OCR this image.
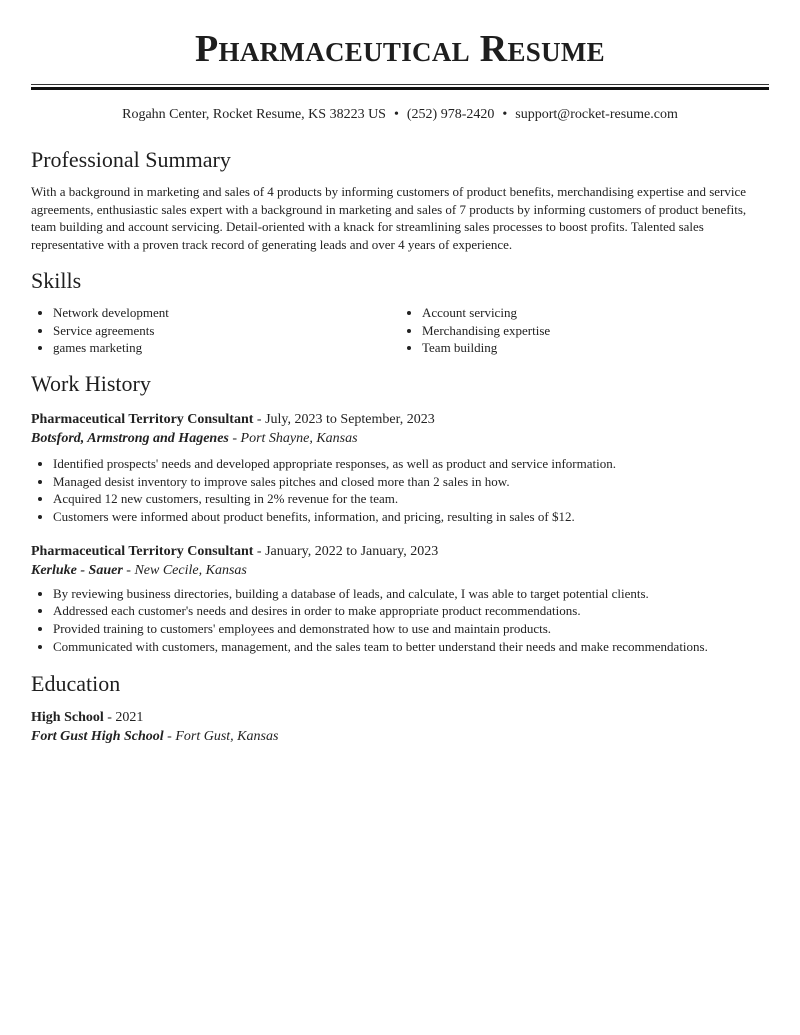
Pharmaceutical Resume
Rogahn Center, Rocket Resume, KS 38223 US • (252) 978-2420 • support@rocket-resume.com
Professional Summary

With a background in marketing and sales of 4 products by informing customers of product benefits, merchandising expertise and service agreements, enthusiastic sales expert with a background in marketing and sales of 7 products by informing customers of product benefits, team building and account servicing. Detail-oriented with a knack for streamlining sales processes to boost profits. Talented sales representative with a proven track record of generating leads and over 4 years of experience.

Skills
• Network development
• Service agreements
• games marketing
• Account servicing
• Merchandising expertise
• Team building
Work History
Pharmaceutical Territory Consultant - July, 2023 to September, 2023
Botsford, Armstrong and Hagenes - Port Shayne, Kansas
• Identified prospects' needs and developed appropriate responses, as well as product and service information.
• Managed desist inventory to improve sales pitches and closed more than 2 sales in how.
• Acquired 12 new customers, resulting in 2% revenue for the team.
• Customers were informed about product benefits, information, and pricing, resulting in sales of $12.
Pharmaceutical Territory Consultant - January, 2022 to January, 2023
Kerluke - Sauer - New Cecile, Kansas
• By reviewing business directories, building a database of leads, and calculate, I was able to target potential clients.
• Addressed each customer's needs and desires in order to make appropriate product recommendations.
• Provided training to customers' employees and demonstrated how to use and maintain products.
• Communicated with customers, management, and the sales team to better understand their needs and make recommendations.
Education
High School - 2021
Fort Gust High School - Fort Gust, Kansas
